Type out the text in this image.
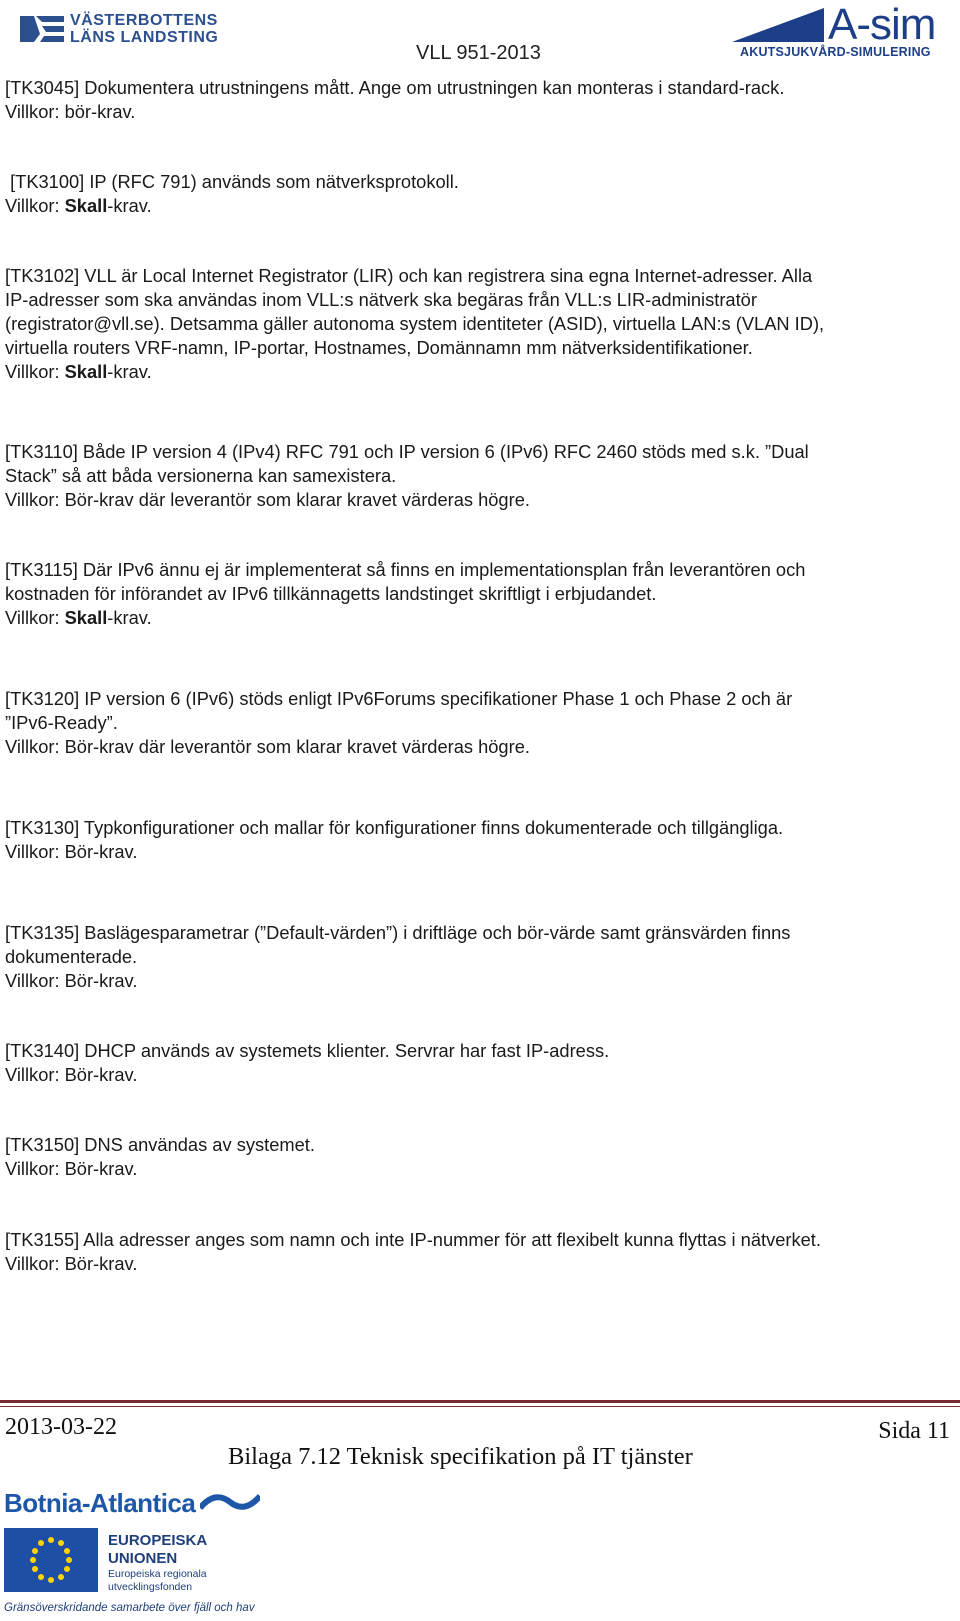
VÄSTERBOTTENS
LÄNS LANDSTING
VLL 951-2013
A-sim
AKUTSJUKVÅRD-SIMULERING

[TK3045] Dokumentera utrustningens mått. Ange om utrustningen kan monteras i standard-rack.

Villkor: bör-krav.

[TK3100] IP (RFC 791) används som nätverksprotokoll.

Villkor: Skall-krav.

[TK3102] VLL är Local Internet Registrator (LIR) och kan registrera sina egna Internet-adresser. Alla

IP-adresser som ska användas inom VLL:s nätverk ska begäras från VLL:s LIR-administratör

(registrator@vll.se). Detsamma gäller autonoma system identiteter (ASID), virtuella LAN:s (VLAN ID),

virtuella routers VRF-namn, IP-portar, Hostnames, Domännamn mm nätverksidentifikationer.

Villkor: Skall-krav.

[TK3110] Både IP version 4 (IPv4) RFC 791 och IP version 6 (IPv6) RFC 2460 stöds med s.k. ”Dual

Stack” så att båda versionerna kan samexistera.

Villkor: Bör-krav där leverantör som klarar kravet värderas högre.

[TK3115] Där IPv6 ännu ej är implementerat så finns en implementationsplan från leverantören och

kostnaden för införandet av IPv6 tillkännagetts landstinget skriftligt i erbjudandet.

Villkor: Skall-krav.

[TK3120] IP version 6 (IPv6) stöds enligt IPv6Forums specifikationer Phase 1 och Phase 2 och är

”IPv6-Ready”.

Villkor: Bör-krav där leverantör som klarar kravet värderas högre.

[TK3130] Typkonfigurationer och mallar för konfigurationer finns dokumenterade och tillgängliga.

Villkor: Bör-krav.

[TK3135] Baslägesparametrar (”Default-värden”) i driftläge och bör-värde samt gränsvärden finns

dokumenterade.

Villkor: Bör-krav.

[TK3140] DHCP används av systemets klienter. Servrar har fast IP-adress.

Villkor: Bör-krav.

[TK3150] DNS användas av systemet.

Villkor: Bör-krav.

[TK3155] Alla adresser anges som namn och inte IP-nummer för att flexibelt kunna flyttas i nätverket.

Villkor: Bör-krav.

2013-03-22	Sida 11
Bilaga 7.12 Teknisk specifikation på IT tjänster
Botnia-Atlantica
EUROPEISKA
UNIONEN
Europeiska regionala
utvecklingsfonden
Gränsöverskridande samarbete över fjäll och hav
